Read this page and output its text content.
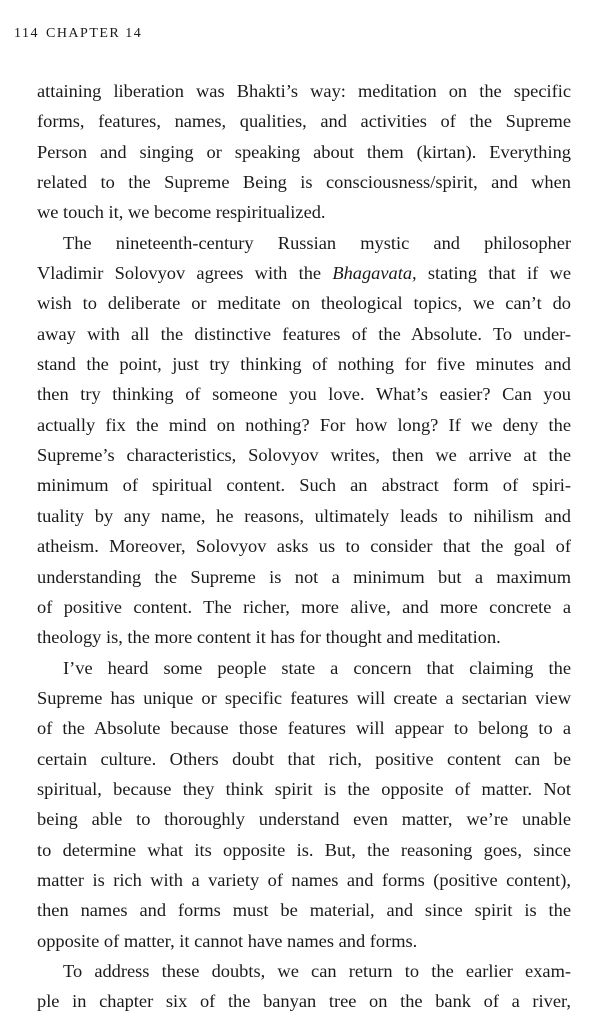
114 CHAPTER 14
attaining liberation was Bhakti’s way: meditation on the specific
forms, features, names, qualities, and activities of the Supreme
Person and singing or speaking about them (kirtan). Everything
related to the Supreme Being is consciousness/spirit, and when
we touch it, we become respiritualized.
The nineteenth-century Russian mystic and philosopher
Vladimir Solovyov agrees with the Bhagavata, stating that if we
wish to deliberate or meditate on theological topics, we can’t do
away with all the distinctive features of the Absolute. To under-
stand the point, just try thinking of nothing for five minutes and
then try thinking of someone you love. What’s easier? Can you
actually fix the mind on nothing? For how long? If we deny the
Supreme’s characteristics, Solovyov writes, then we arrive at the
minimum of spiritual content. Such an abstract form of spiri-
tuality by any name, he reasons, ultimately leads to nihilism and
atheism. Moreover, Solovyov asks us to consider that the goal of
understanding the Supreme is not a minimum but a maximum
of positive content. The richer, more alive, and more concrete a
theology is, the more content it has for thought and meditation.
I’ve heard some people state a concern that claiming the
Supreme has unique or specific features will create a sectarian view
of the Absolute because those features will appear to belong to a
certain culture. Others doubt that rich, positive content can be
spiritual, because they think spirit is the opposite of matter. Not
being able to thoroughly understand even matter, we’re unable
to determine what its opposite is. But, the reasoning goes, since
matter is rich with a variety of names and forms (positive content),
then names and forms must be material, and since spirit is the
opposite of matter, it cannot have names and forms.
To address these doubts, we can return to the earlier exam-
ple in chapter six of the banyan tree on the bank of a river,
